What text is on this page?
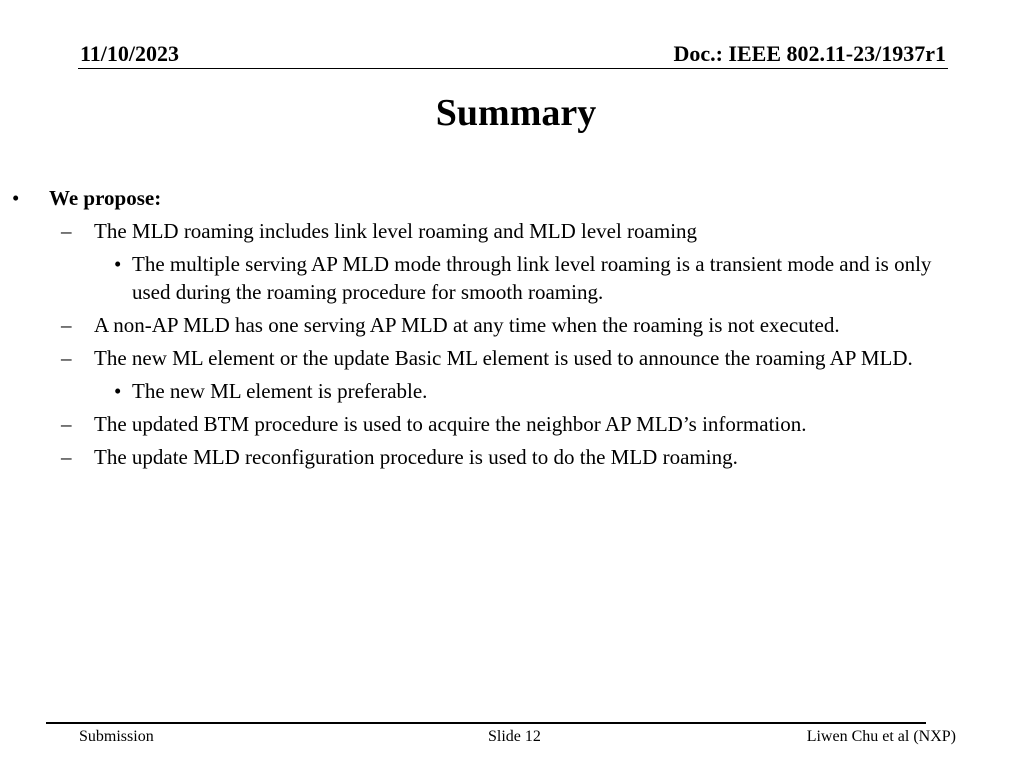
11/10/2023	Doc.: IEEE 802.11-23/1937r1
Summary
• We propose:
– The MLD roaming includes link level roaming and MLD level roaming
• The multiple serving AP MLD mode through link level roaming is a transient mode and is only
used during the roaming procedure for smooth roaming.
– A non-AP MLD has one serving AP MLD at any time when the roaming is not executed.
– The new ML element or the update Basic ML element is used to announce the roaming AP MLD.
• The new ML element is preferable.
– The updated BTM procedure is used to acquire the neighbor AP MLD’s information.
– The update MLD reconfiguration procedure is used to do the MLD roaming.
Submission	Slide 12	Liwen Chu et al (NXP)
